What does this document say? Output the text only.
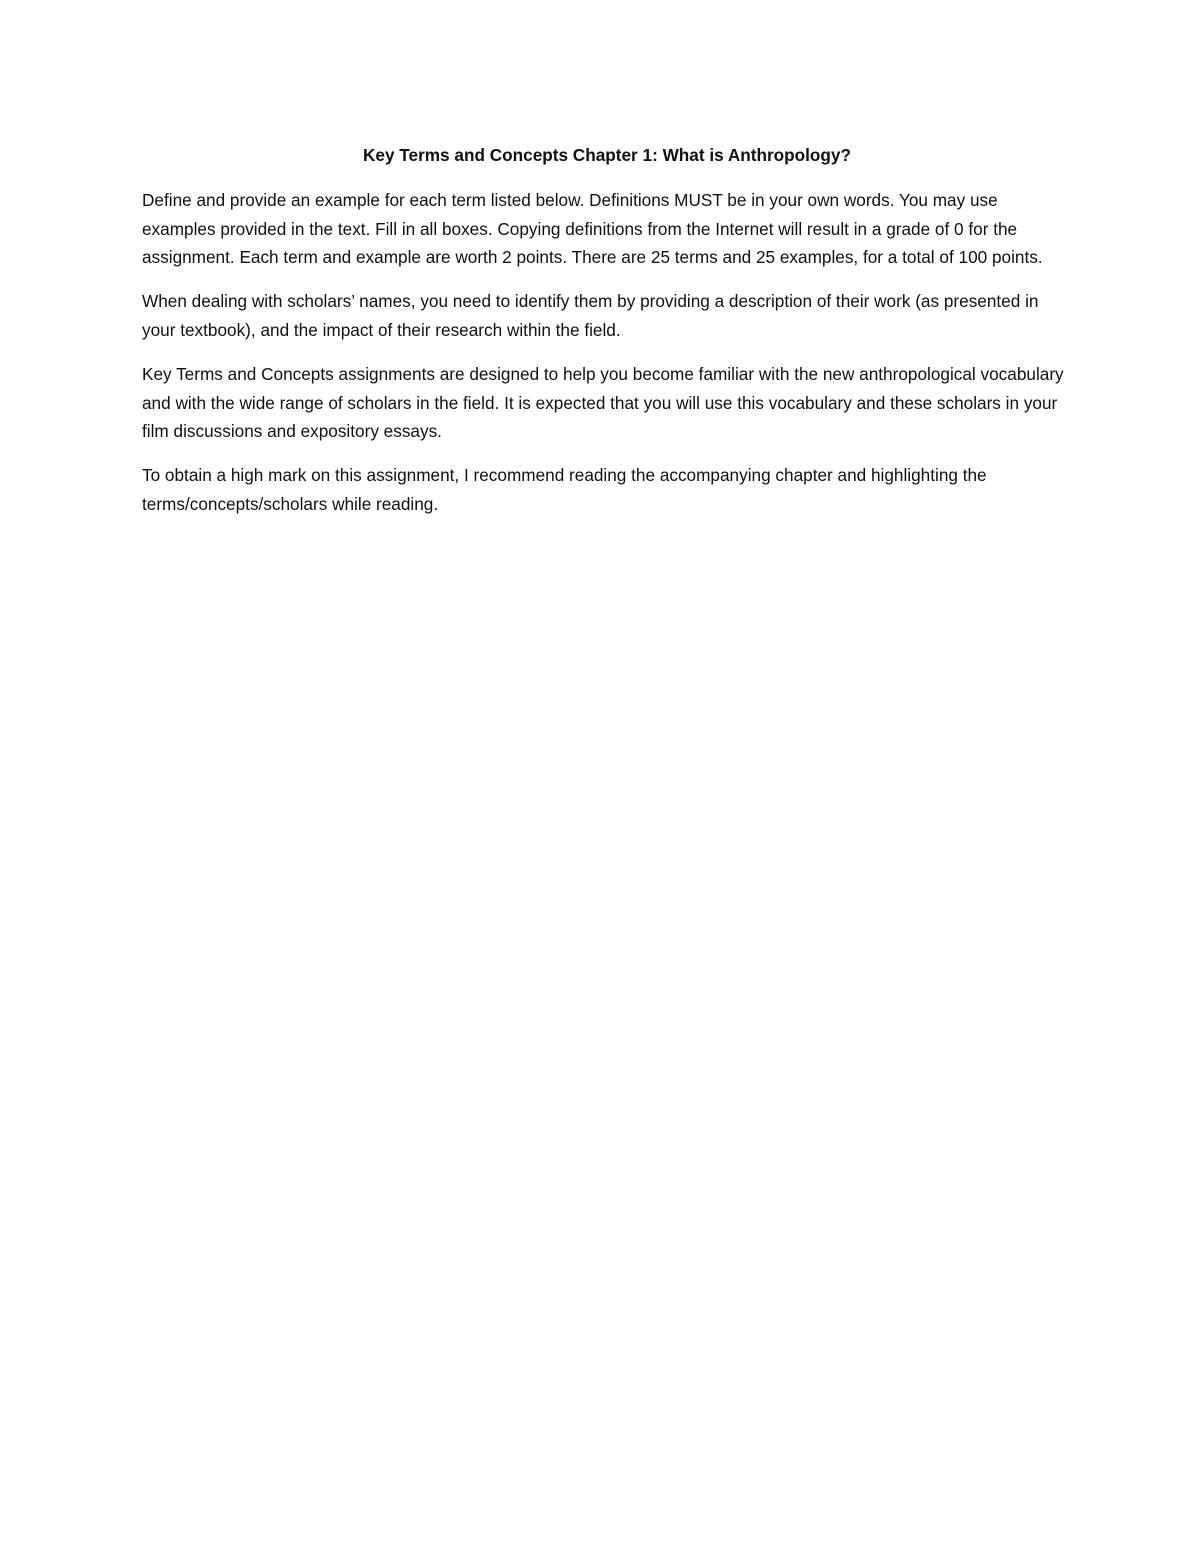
Key Terms and Concepts Chapter 1: What is Anthropology?

Define and provide an example for each term listed below. Definitions MUST be in your own words. You may use examples provided in the text. Fill in all boxes. Copying definitions from the Internet will result in a grade of 0 for the assignment. Each term and example are worth 2 points. There are 25 terms and 25 examples, for a total of 100 points.

When dealing with scholars’ names, you need to identify them by providing a description of their work (as presented in your textbook), and the impact of their research within the field.

Key Terms and Concepts assignments are designed to help you become familiar with the new anthropological vocabulary and with the wide range of scholars in the field. It is expected that you will use this vocabulary and these scholars in your film discussions and expository essays.

To obtain a high mark on this assignment, I recommend reading the accompanying chapter and highlighting the terms/concepts/scholars while reading.
